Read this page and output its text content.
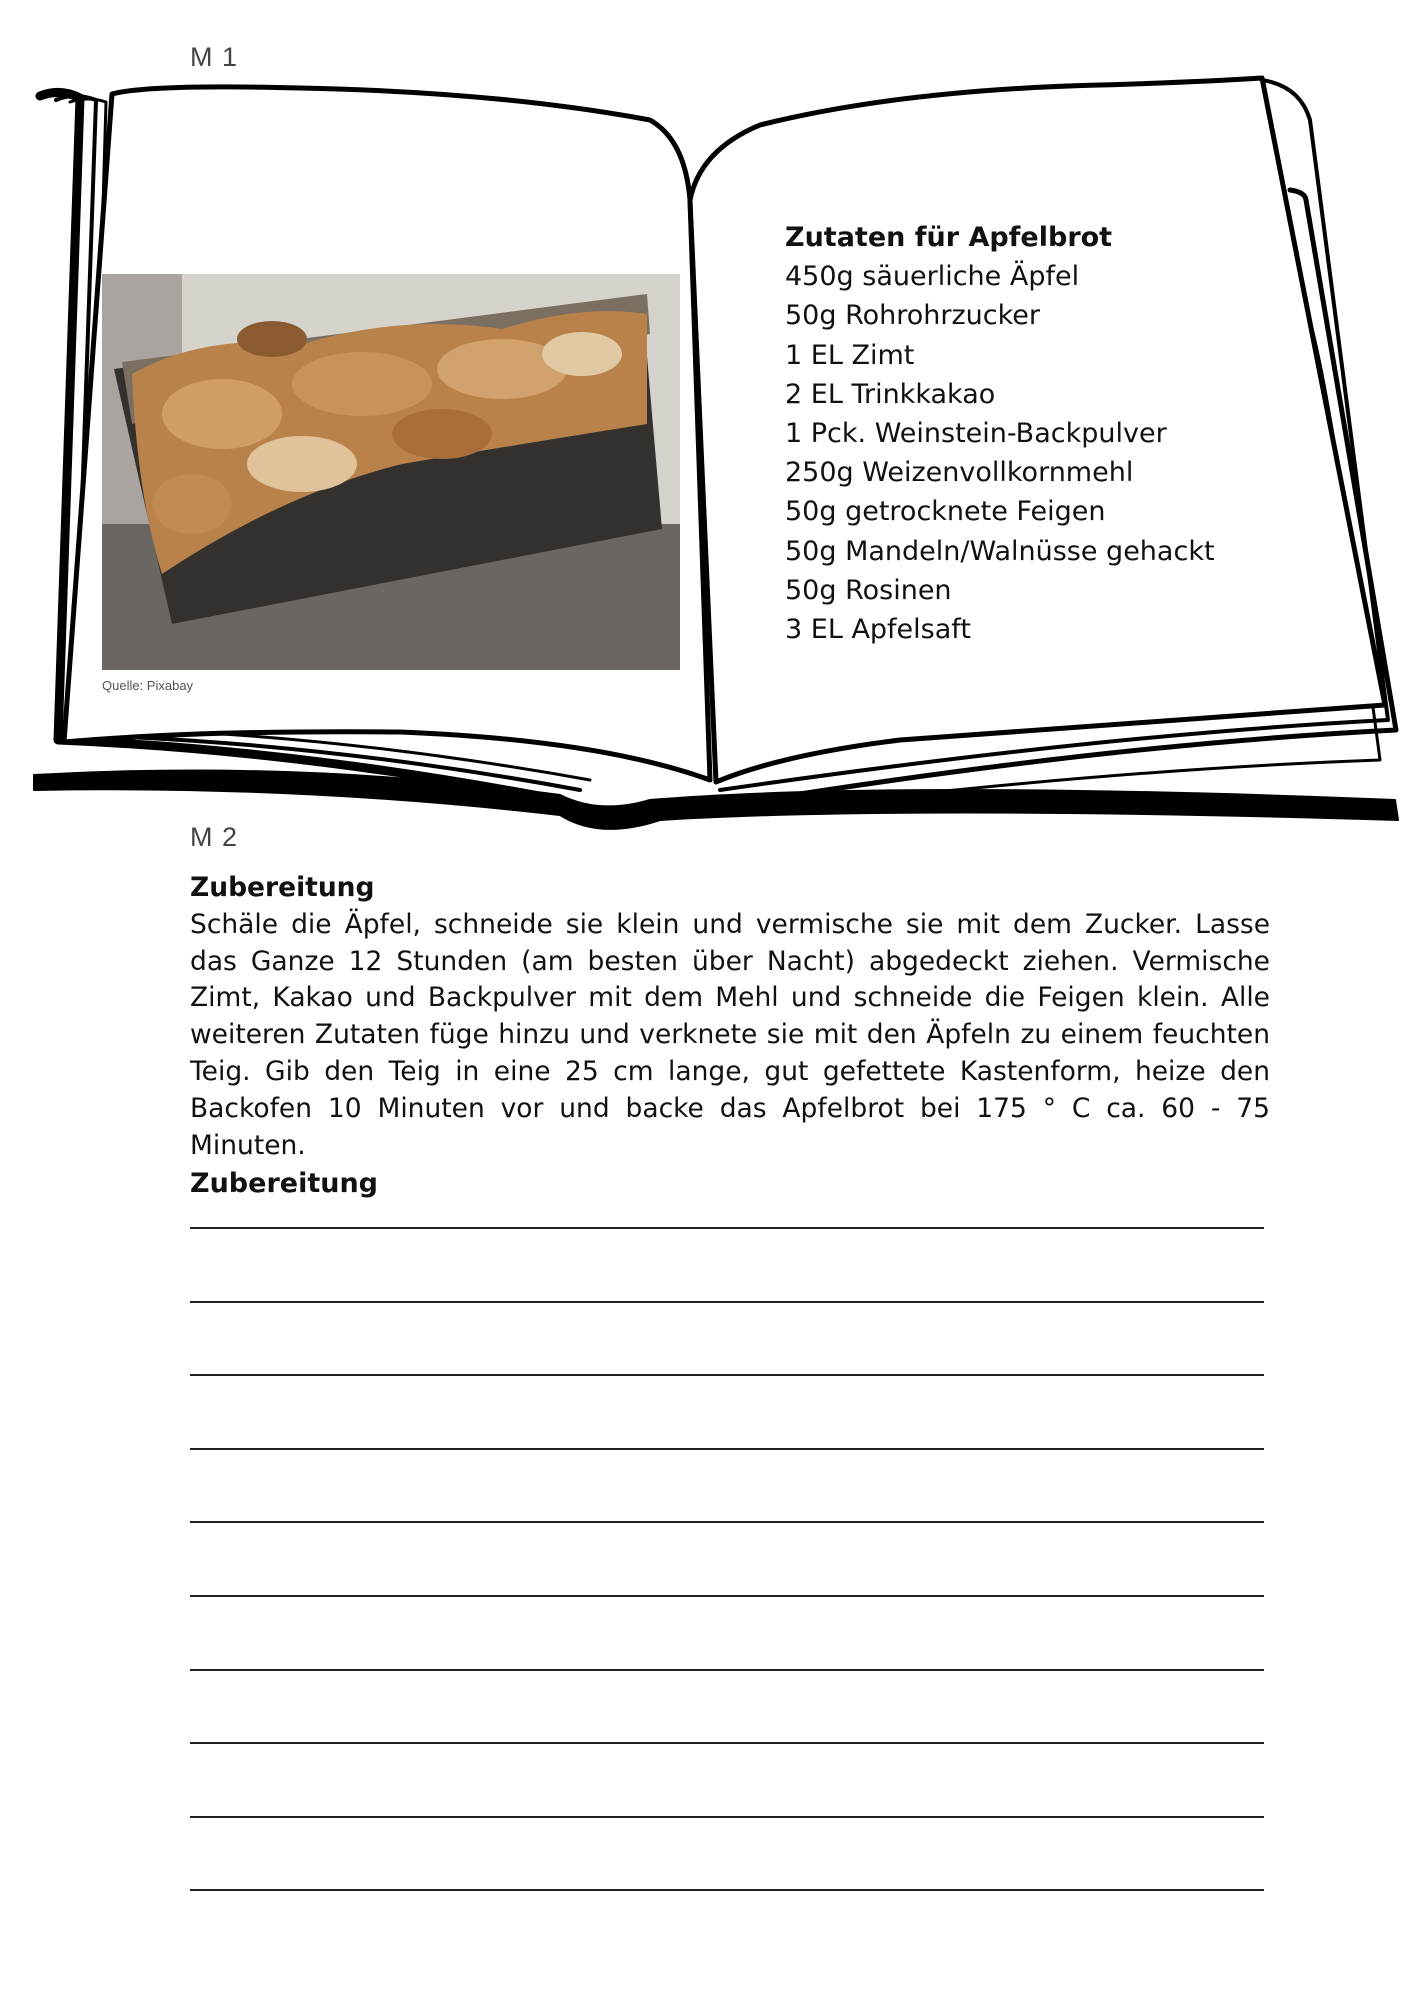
M 1
Quelle: Pixabay
Zutaten für Apfelbrot
450g säuerliche Äpfel
50g Rohrohrzucker
1 EL Zimt
2 EL Trinkkakao
1 Pck. Weinstein-Backpulver
250g Weizenvollkornmehl
50g getrocknete Feigen
50g Mandeln/Walnüsse gehackt
50g Rosinen
3 EL Apfelsaft
M 2
Zubereitung
Schäle die Äpfel, schneide sie klein und vermische sie mit dem Zucker. Lasse das Ganze 12 Stunden (am besten über Nacht) abgedeckt ziehen. Vermische Zimt, Kakao und Backpulver mit dem Mehl und schneide die Feigen klein. Alle weiteren Zutaten füge hinzu und verknete sie mit den Äpfeln zu einem feuchten Teig. Gib den Teig in eine 25 cm lange, gut gefettete Kastenform, heize den Backofen 10 Minuten vor und backe das Apfelbrot bei 175 ° C ca. 60 - 75 Minuten.
Zubereitung
